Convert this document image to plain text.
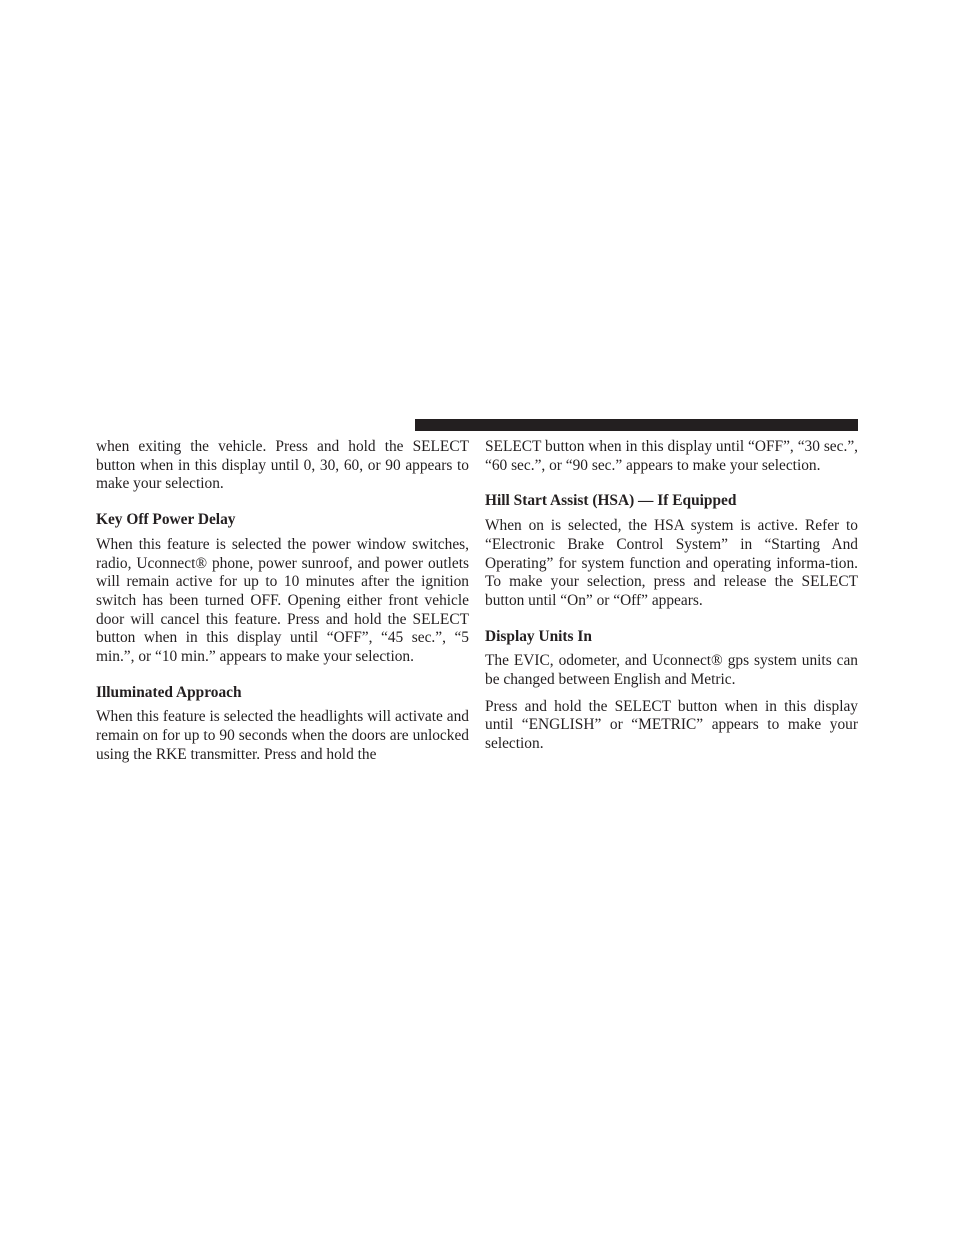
when exiting the vehicle. Press and hold the SELECT button when in this display until 0, 30, 60, or 90 appears to make your selection.

Key Off Power Delay

When this feature is selected the power window switches, radio, Uconnect® phone, power sunroof, and power outlets will remain active for up to 10 minutes after the ignition switch has been turned OFF. Opening either front vehicle door will cancel this feature. Press and hold the SELECT button when in this display until “OFF”, “45 sec.”, “5 min.”, or “10 min.” appears to make your selection.

Illuminated Approach

When this feature is selected the headlights will activate and remain on for up to 90 seconds when the doors are unlocked using the RKE transmitter. Press and hold the

SELECT button when in this display until “OFF”, “30 sec.”, “60 sec.”, or “90 sec.” appears to make your selection.

Hill Start Assist (HSA) — If Equipped

When on is selected, the HSA system is active. Refer to “Electronic Brake Control System” in “Starting And Operating” for system function and operating informa-tion. To make your selection, press and release the SELECT button until “On” or “Off” appears.

Display Units In

The EVIC, odometer, and Uconnect® gps system units can be changed between English and Metric.

Press and hold the SELECT button when in this display until “ENGLISH” or “METRIC” appears to make your selection.
